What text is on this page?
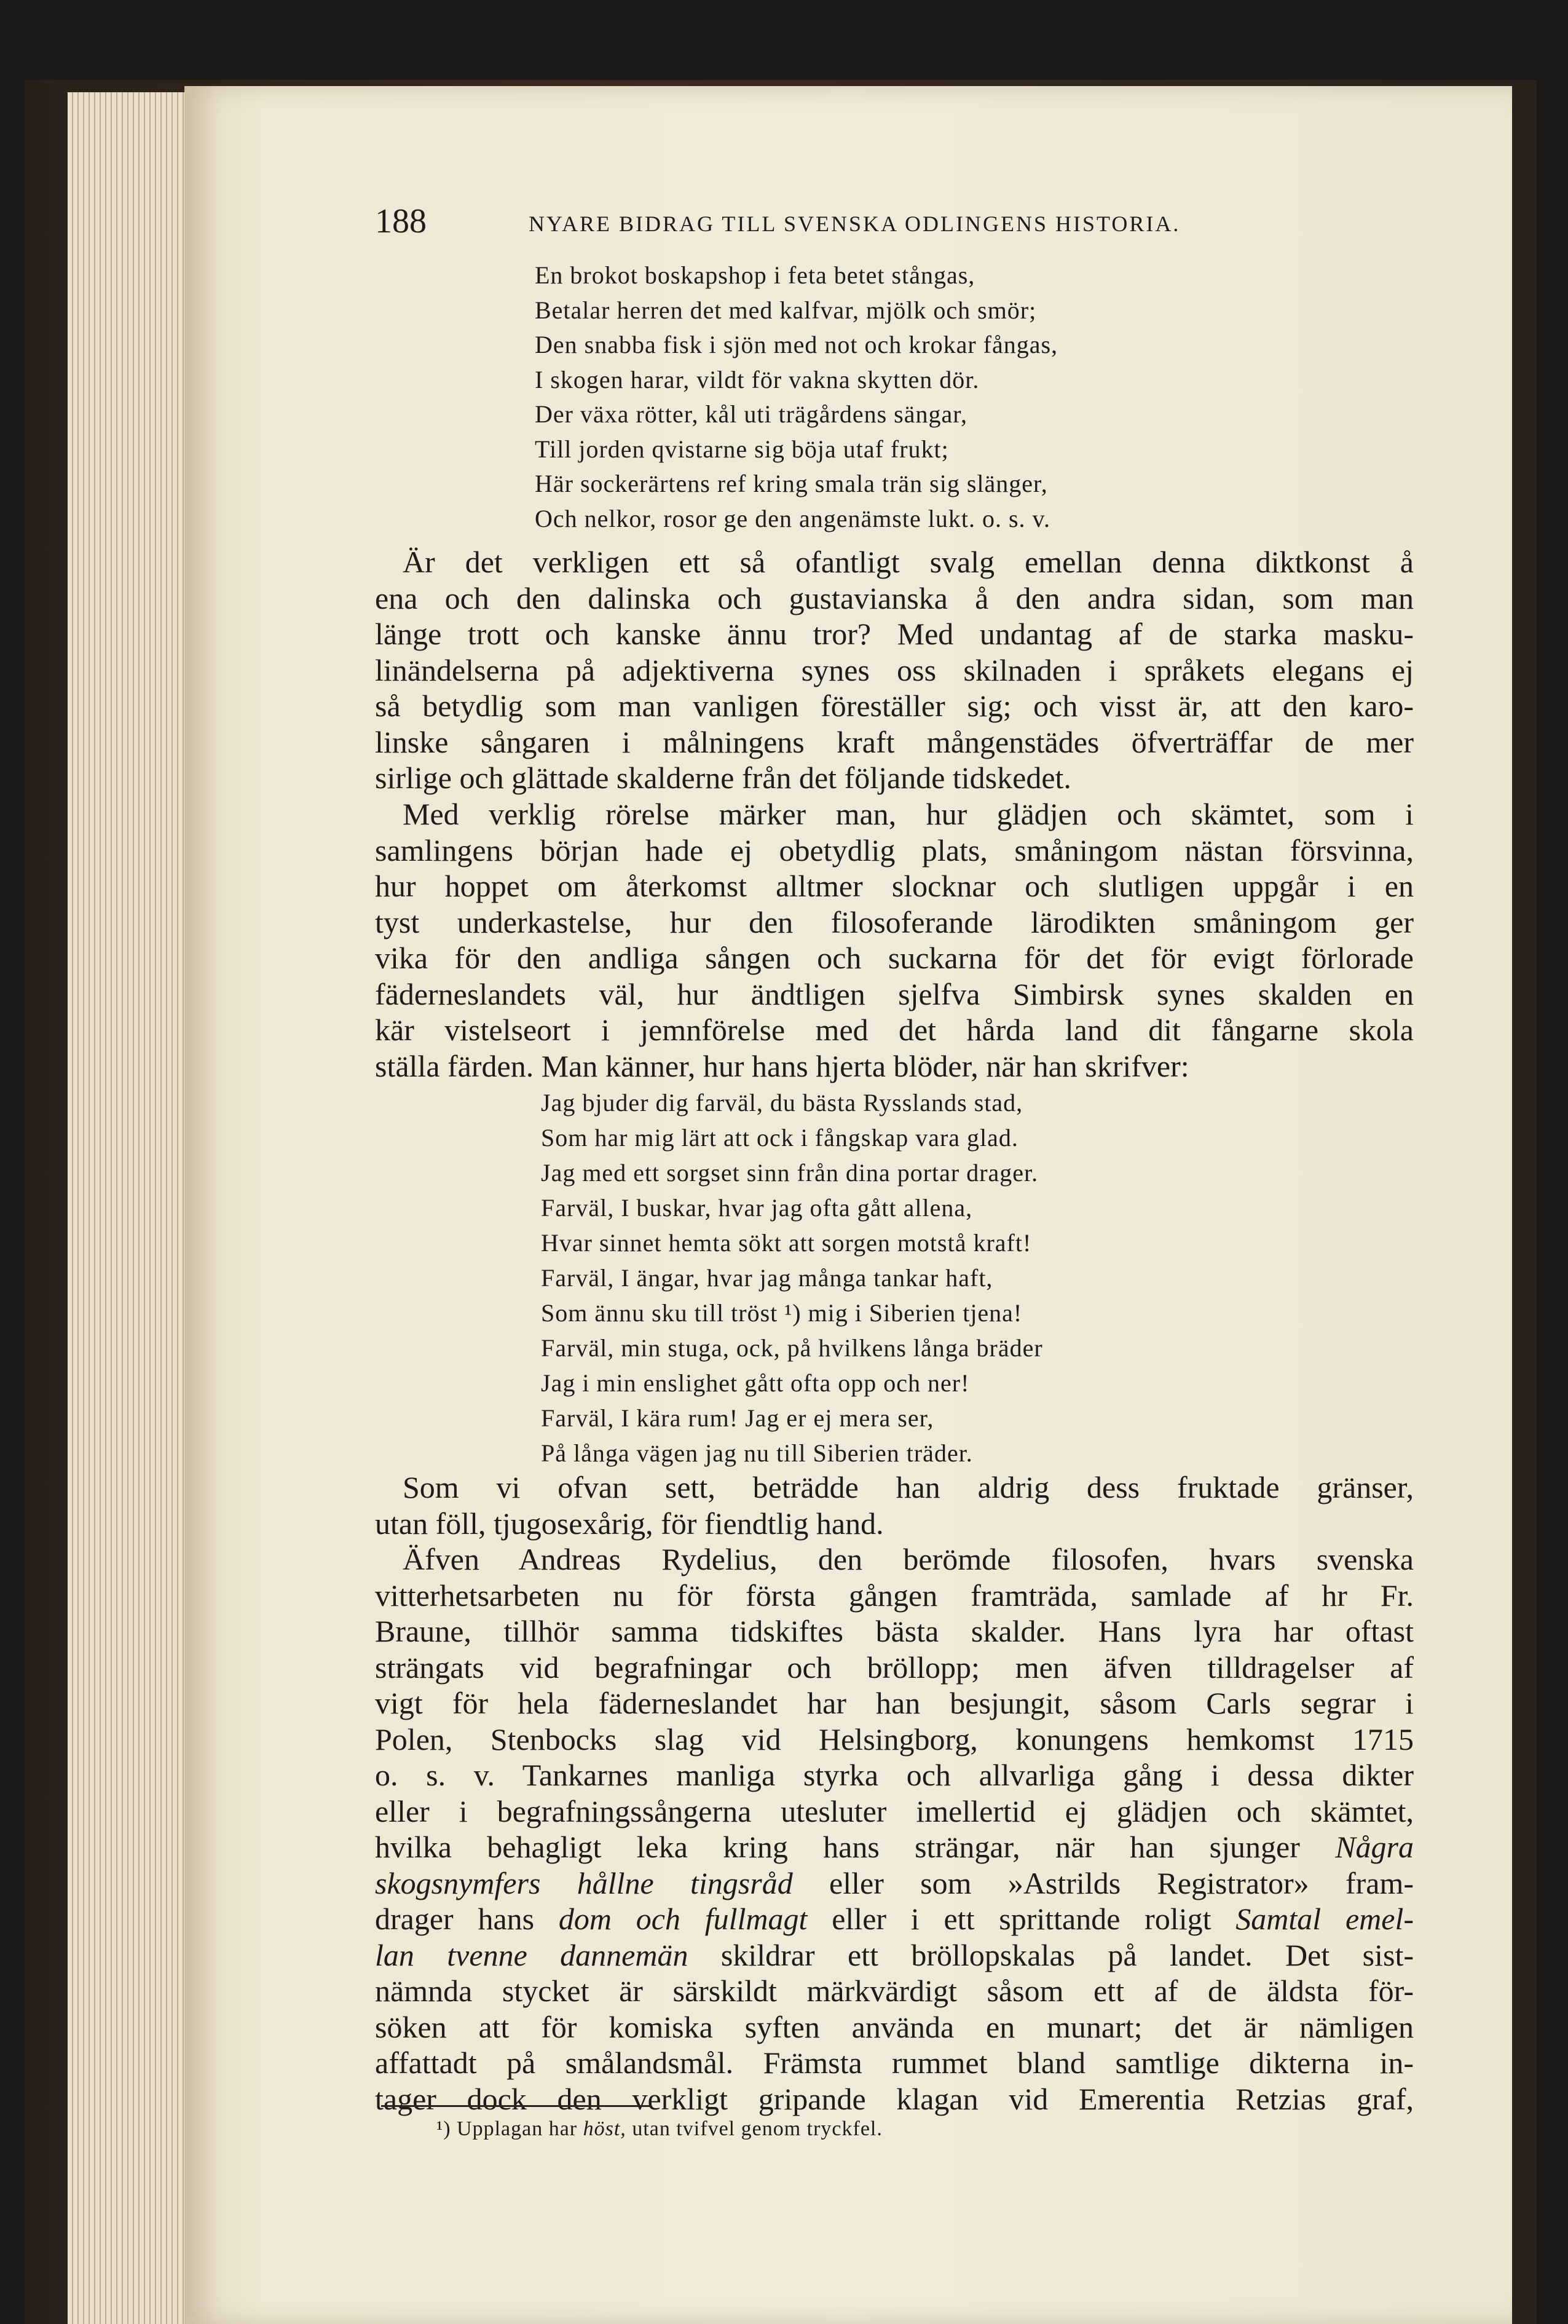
188	NYARE BIDRAG TILL SVENSKA ODLINGENS HISTORIA.
En brokot boskapshop i feta betet stångas,
Betalar herren det med kalfvar, mjölk och smör;
Den snabba fisk i sjön med not och krokar fångas,
I skogen harar, vildt för vakna skytten dör.
Der växa rötter, kål uti trägårdens sängar,
Till jorden qvistarne sig böja utaf frukt;
Här sockerärtens ref kring smala trän sig slänger,
Och nelkor, rosor ge den angenämste lukt. o. s. v.
Är det verkligen ett så ofantligt svalg emellan denna diktkonst å
ena och den dalinska och gustavianska å den andra sidan, som man
länge trott och kanske ännu tror? Med undantag af de starka masku-
linändelserna på adjektiverna synes oss skilnaden i språkets elegans ej
så betydlig som man vanligen föreställer sig; och visst är, att den karo-
linske sångaren i målningens kraft mångenstädes öfverträffar de mer
sirlige och glättade skalderne från det följande tidskedet.
Med verklig rörelse märker man, hur glädjen och skämtet, som i
samlingens början hade ej obetydlig plats, småningom nästan försvinna,
hur hoppet om återkomst alltmer slocknar och slutligen uppgår i en
tyst underkastelse, hur den filosoferande lärodikten småningom ger
vika för den andliga sången och suckarna för det för evigt förlorade
fäderneslandets väl, hur ändtligen sjelfva Simbirsk synes skalden en
kär vistelseort i jemnförelse med det hårda land dit fångarne skola
ställa färden. Man känner, hur hans hjerta blöder, när han skrifver:
Jag bjuder dig farväl, du bästa Rysslands stad,
Som har mig lärt att ock i fångskap vara glad.
Jag med ett sorgset sinn från dina portar drager.
Farväl, I buskar, hvar jag ofta gått allena,
Hvar sinnet hemta sökt att sorgen motstå kraft!
Farväl, I ängar, hvar jag många tankar haft,
Som ännu sku till tröst ¹) mig i Siberien tjena!
Farväl, min stuga, ock, på hvilkens långa bräder
Jag i min enslighet gått ofta opp och ner!
Farväl, I kära rum! Jag er ej mera ser,
På långa vägen jag nu till Siberien träder.
Som vi ofvan sett, beträdde han aldrig dess fruktade gränser,
utan föll, tjugosexårig, för fiendtlig hand.
Äfven Andreas Rydelius, den berömde filosofen, hvars svenska
vitterhetsarbeten nu för första gången framträda, samlade af hr Fr.
Braune, tillhör samma tidskiftes bästa skalder. Hans lyra har oftast
strängats vid begrafningar och bröllopp; men äfven tilldragelser af
vigt för hela fäderneslandet har han besjungit, såsom Carls segrar i
Polen, Stenbocks slag vid Helsingborg, konungens hemkomst 1715
o. s. v. Tankarnes manliga styrka och allvarliga gång i dessa dikter
eller i begrafningssångerna utesluter imellertid ej glädjen och skämtet,
hvilka behagligt leka kring hans strängar, när han sjunger Några
skogsnymfers hållne tingsråd eller som »Astrilds Registrator» fram-
drager hans dom och fullmagt eller i ett sprittande roligt Samtal emel-
lan tvenne dannemän skildrar ett bröllopskalas på landet. Det sist-
nämnda stycket är särskildt märkvärdigt såsom ett af de äldsta för-
söken att för komiska syften använda en munart; det är nämligen
affattadt på smålandsmål. Främsta rummet bland samtlige dikterna in-
tager dock den verkligt gripande klagan vid Emerentia Retzias graf,
¹) Upplagan har höst, utan tvifvel genom tryckfel.
